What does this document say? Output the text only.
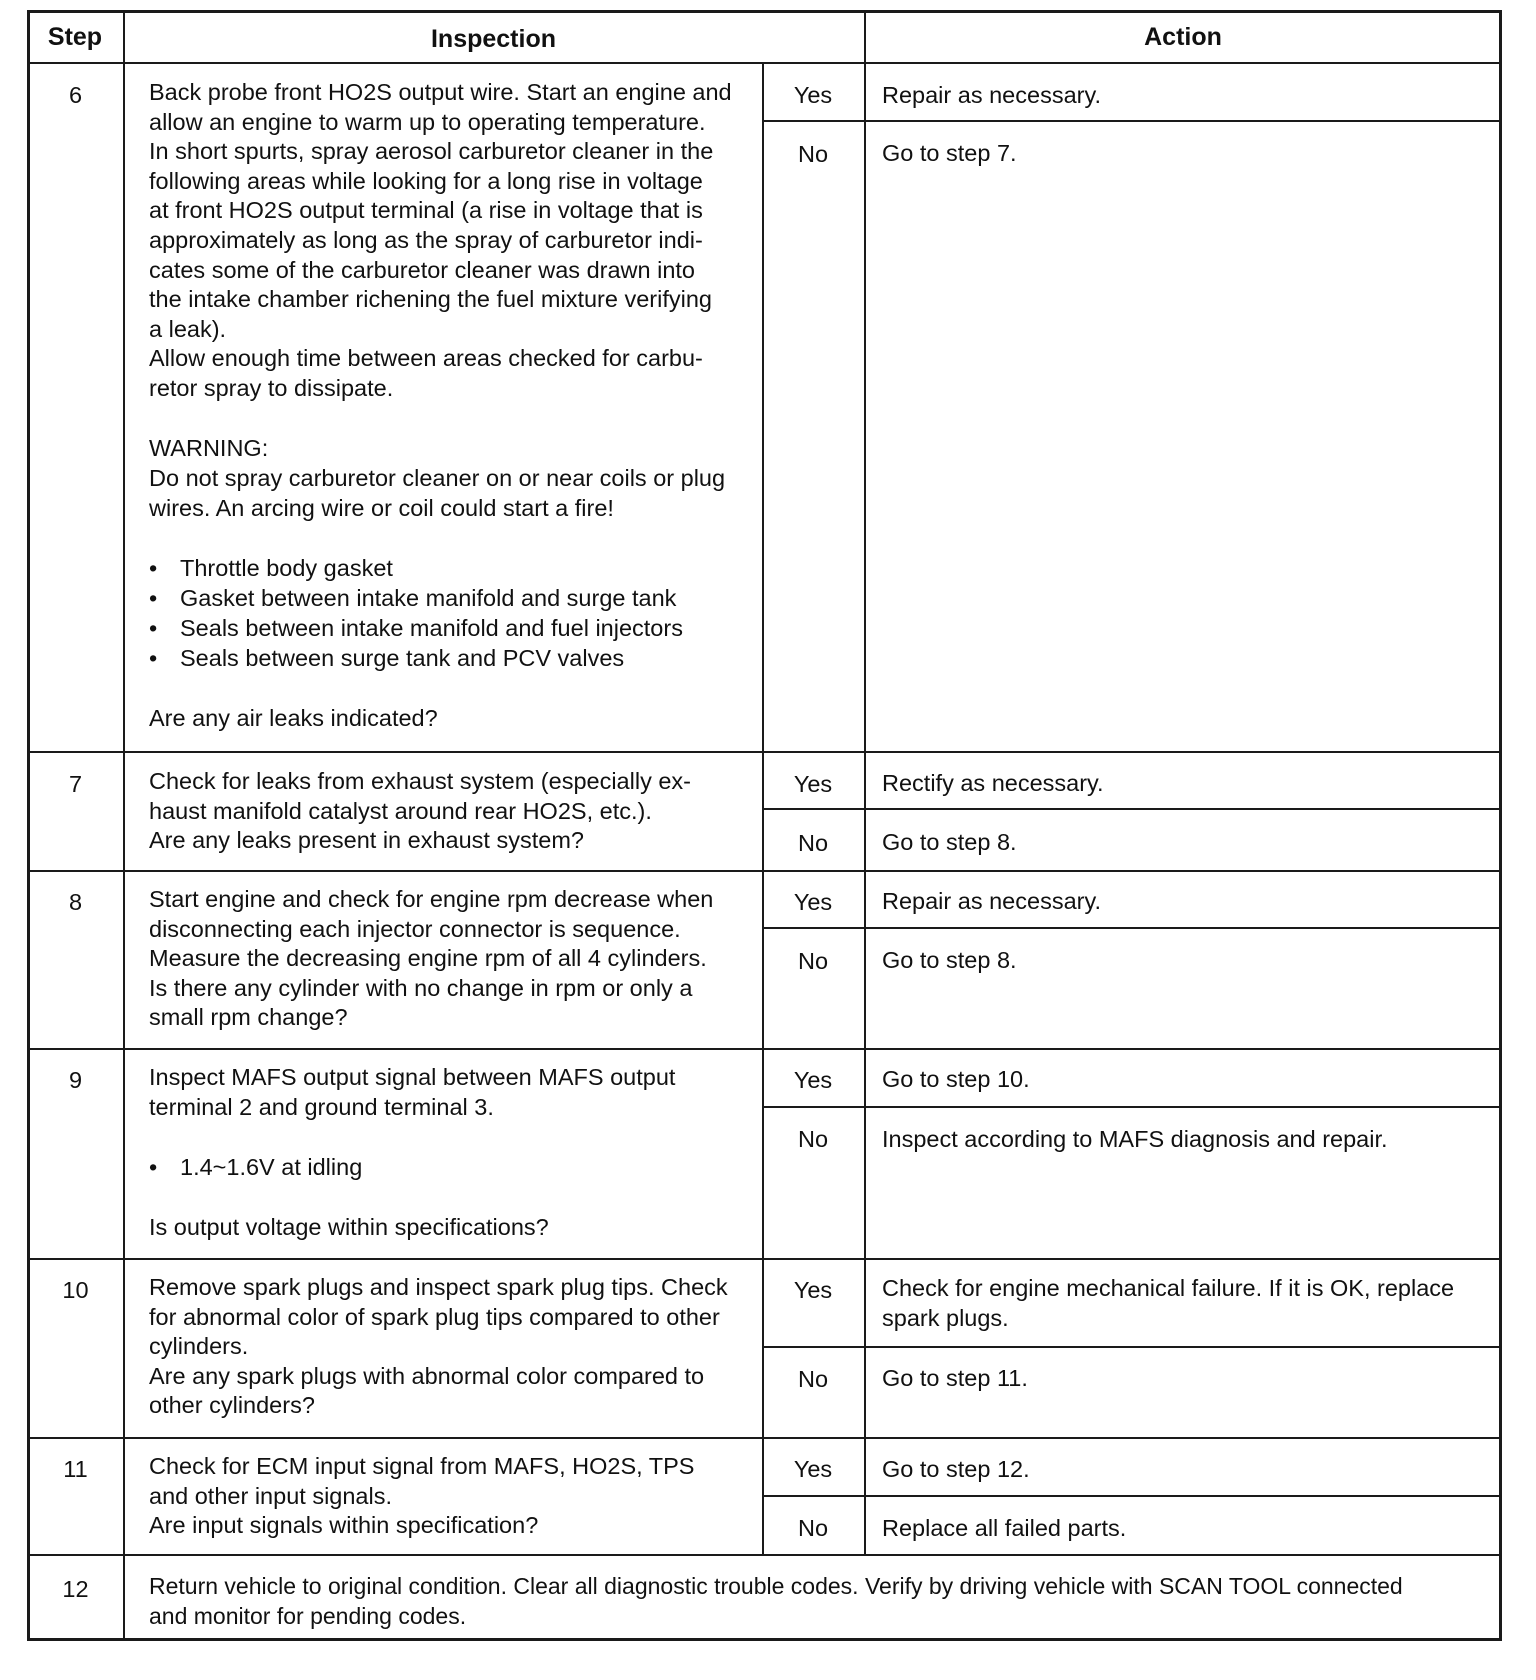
Step	Inspection	Action
6	Back probe front HO2S output wire. Start an engine and
allow an engine to warm up to operating temperature.
In short spurts, spray aerosol carburetor cleaner in the
following areas while looking for a long rise in voltage
at front HO2S output terminal (a rise in voltage that is
approximately as long as the spray of carburetor indi-
cates some of the carburetor cleaner was drawn into
the intake chamber richening the fuel mixture verifying
a leak).
Allow enough time between areas checked for carbu-
retor spray to dissipate.
WARNING:
Do not spray carburetor cleaner on or near coils or plug
wires. An arcing wire or coil could start a fire!
• Throttle body gasket
• Gasket between intake manifold and surge tank
• Seals between intake manifold and fuel injectors
• Seals between surge tank and PCV valves
Are any air leaks indicated?
Yes	Repair as necessary.
No	Go to step 7.
7	Check for leaks from exhaust system (especially ex-
haust manifold catalyst around rear HO2S, etc.).
Are any leaks present in exhaust system?
Yes	Rectify as necessary.
No	Go to step 8.
8	Start engine and check for engine rpm decrease when
disconnecting each injector connector is sequence.
Measure the decreasing engine rpm of all 4 cylinders.
Is there any cylinder with no change in rpm or only a
small rpm change?
Yes	Repair as necessary.
No	Go to step 8.
9	Inspect MAFS output signal between MAFS output
terminal 2 and ground terminal 3.
• 1.4~1.6V at idling
Is output voltage within specifications?
Yes	Go to step 10.
No	Inspect according to MAFS diagnosis and repair.
10	Remove spark plugs and inspect spark plug tips. Check
for abnormal color of spark plug tips compared to other
cylinders.
Are any spark plugs with abnormal color compared to
other cylinders?
Yes	Check for engine mechanical failure. If it is OK, replace
spark plugs.
No	Go to step 11.
11	Check for ECM input signal from MAFS, HO2S, TPS
and other input signals.
Are input signals within specification?
Yes	Go to step 12.
No	Replace all failed parts.
12	Return vehicle to original condition. Clear all diagnostic trouble codes. Verify by driving vehicle with SCAN TOOL connected
and monitor for pending codes.
